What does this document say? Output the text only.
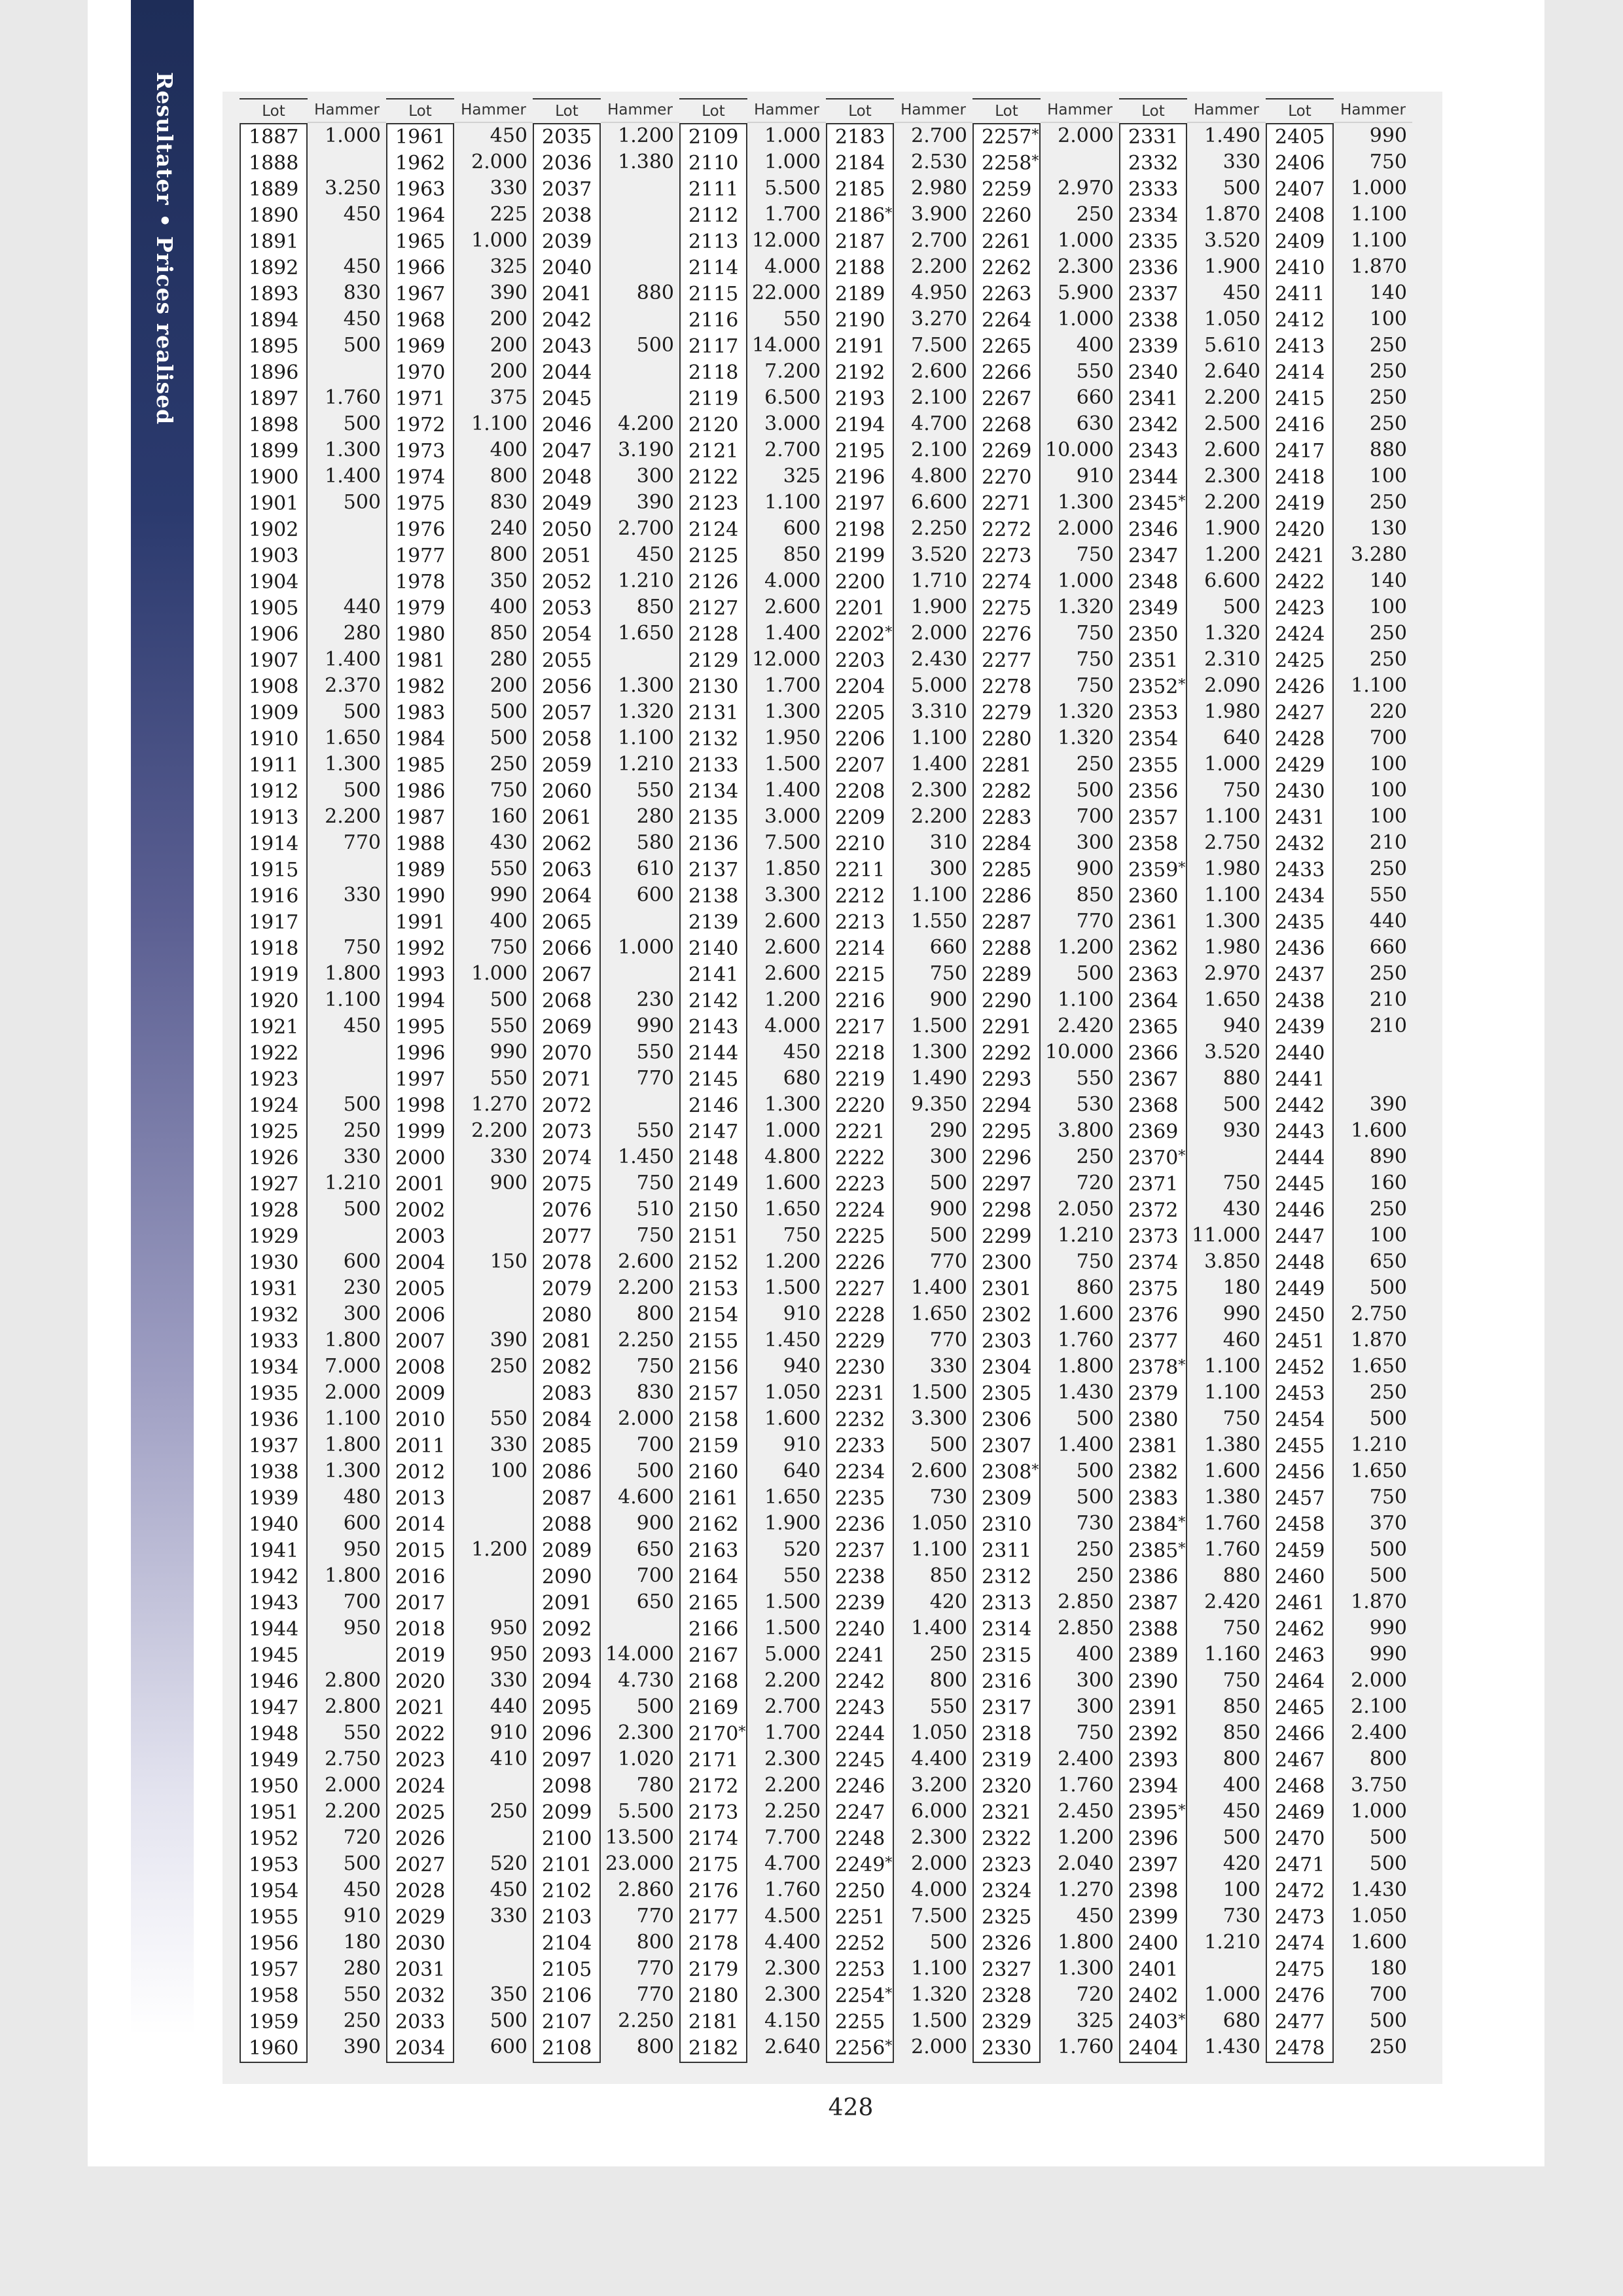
Resultater • Prices realised	Lot
1887
1888
1889
1890
1891
1892
1893
1894
1895
1896
1897
1898
1899
1900
1901
1902
1903
1904
1905
1906
1907
1908
1909
1910
1911
1912
1913
1914
1915
1916
1917
1918
1919
1920
1921
1922
1923
1924
1925
1926
1927
1928
1929
1930
1931
1932
1933
1934
1935
1936
1937
1938
1939
1940
1941
1942
1943
1944
1945
1946
1947
1948
1949
1950
1951
1952
1953
1954
1955
1956
1957
1958
1959
1960
Hammer
1.000
3.250
450
450
830
450
500
1.760
500
1.300
1.400
500
440
280
1.400
2.370
500
1.650
1.300
500
2.200
770
330
750
1.800
1.100
450
500
250
330
1.210
500
600
230
300
1.800
7.000
2.000
1.100
1.800
1.300
480
600
950
1.800
700
950
2.800
2.800
550
2.750
2.000
2.200
720
500
450
910
180
280
550
250
390
Lot
1961
1962
1963
1964
1965
1966
1967
1968
1969
1970
1971
1972
1973
1974
1975
1976
1977
1978
1979
1980
1981
1982
1983
1984
1985
1986
1987
1988
1989
1990
1991
1992
1993
1994
1995
1996
1997
1998
1999
2000
2001
2002
2003
2004
2005
2006
2007
2008
2009
2010
2011
2012
2013
2014
2015
2016
2017
2018
2019
2020
2021
2022
2023
2024
2025
2026
2027
2028
2029
2030
2031
2032
2033
2034
Hammer
450
2.000
330
225
1.000
325
390
200
200
200
375
1.100
400
800
830
240
800
350
400
850
280
200
500
500
250
750
160
430
550
990
400
750
1.000
500
550
990
550
1.270
2.200
330
900
150
390
250
550
330
100
1.200
950
950
330
440
910
410
250
520
450
330
350
500
600
Lot
2035
2036
2037
2038
2039
2040
2041
2042
2043
2044
2045
2046
2047
2048
2049
2050
2051
2052
2053
2054
2055
2056
2057
2058
2059
2060
2061
2062
2063
2064
2065
2066
2067
2068
2069
2070
2071
2072
2073
2074
2075
2076
2077
2078
2079
2080
2081
2082
2083
2084
2085
2086
2087
2088
2089
2090
2091
2092
2093
2094
2095
2096
2097
2098
2099
2100
2101
2102
2103
2104
2105
2106
2107
2108
Hammer
1.200
1.380
880
500
4.200
3.190
300
390
2.700
450
1.210
850
1.650
1.300
1.320
1.100
1.210
550
280
580
610
600
1.000
230
990
550
770
550
1.450
750
510
750
2.600
2.200
800
2.250
750
830
2.000
700
500
4.600
900
650
700
650
14.000
4.730
500
2.300
1.020
780
5.500
13.500
23.000
2.860
770
800
770
770
2.250
800
Lot
2109
2110
2111
2112
2113
2114
2115
2116
2117
2118
2119
2120
2121
2122
2123
2124
2125
2126
2127
2128
2129
2130
2131
2132
2133
2134
2135
2136
2137
2138
2139
2140
2141
2142
2143
2144
2145
2146
2147
2148
2149
2150
2151
2152
2153
2154
2155
2156
2157
2158
2159
2160
2161
2162
2163
2164
2165
2166
2167
2168
2169
2170*
2171
2172
2173
2174
2175
2176
2177
2178
2179
2180
2181
2182
Hammer
1.000
1.000
5.500
1.700
12.000
4.000
22.000
550
14.000
7.200
6.500
3.000
2.700
325
1.100
600
850
4.000
2.600
1.400
12.000
1.700
1.300
1.950
1.500
1.400
3.000
7.500
1.850
3.300
2.600
2.600
2.600
1.200
4.000
450
680
1.300
1.000
4.800
1.600
1.650
750
1.200
1.500
910
1.450
940
1.050
1.600
910
640
1.650
1.900
520
550
1.500
1.500
5.000
2.200
2.700
1.700
2.300
2.200
2.250
7.700
4.700
1.760
4.500
4.400
2.300
2.300
4.150
2.640
Lot
2183
2184
2185
2186*
2187
2188
2189
2190
2191
2192
2193
2194
2195
2196
2197
2198
2199
2200
2201
2202*
2203
2204
2205
2206
2207
2208
2209
2210
2211
2212
2213
2214
2215
2216
2217
2218
2219
2220
2221
2222
2223
2224
2225
2226
2227
2228
2229
2230
2231
2232
2233
2234
2235
2236
2237
2238
2239
2240
2241
2242
2243
2244
2245
2246
2247
2248
2249*
2250
2251
2252
2253
2254*
2255
2256*
Hammer
2.700
2.530
2.980
3.900
2.700
2.200
4.950
3.270
7.500
2.600
2.100
4.700
2.100
4.800
6.600
2.250
3.520
1.710
1.900
2.000
2.430
5.000
3.310
1.100
1.400
2.300
2.200
310
300
1.100
1.550
660
750
900
1.500
1.300
1.490
9.350
290
300
500
900
500
770
1.400
1.650
770
330
1.500
3.300
500
2.600
730
1.050
1.100
850
420
1.400
250
800
550
1.050
4.400
3.200
6.000
2.300
2.000
4.000
7.500
500
1.100
1.320
1.500
2.000
Lot
2257*
2258*
2259
2260
2261
2262
2263
2264
2265
2266
2267
2268
2269
2270
2271
2272
2273
2274
2275
2276
2277
2278
2279
2280
2281
2282
2283
2284
2285
2286
2287
2288
2289
2290
2291
2292
2293
2294
2295
2296
2297
2298
2299
2300
2301
2302
2303
2304
2305
2306
2307
2308*
2309
2310
2311
2312
2313
2314
2315
2316
2317
2318
2319
2320
2321
2322
2323
2324
2325
2326
2327
2328
2329
2330
Hammer
2.000
2.970
250
1.000
2.300
5.900
1.000
400
550
660
630
10.000
910
1.300
2.000
750
1.000
1.320
750
750
750
1.320
1.320
250
500
700
300
900
850
770
1.200
500
1.100
2.420
10.000
550
530
3.800
250
720
2.050
1.210
750
860
1.600
1.760
1.800
1.430
500
1.400
500
500
730
250
250
2.850
2.850
400
300
300
750
2.400
1.760
2.450
1.200
2.040
1.270
450
1.800
1.300
720
325
1.760
Lot
2331
2332
2333
2334
2335
2336
2337
2338
2339
2340
2341
2342
2343
2344
2345*
2346
2347
2348
2349
2350
2351
2352*
2353
2354
2355
2356
2357
2358
2359*
2360
2361
2362
2363
2364
2365
2366
2367
2368
2369
2370*
2371
2372
2373
2374
2375
2376
2377
2378*
2379
2380
2381
2382
2383
2384*
2385*
2386
2387
2388
2389
2390
2391
2392
2393
2394
2395*
2396
2397
2398
2399
2400
2401
2402
2403*
2404
Hammer
1.490
330
500
1.870
3.520
1.900
450
1.050
5.610
2.640
2.200
2.500
2.600
2.300
2.200
1.900
1.200
6.600
500
1.320
2.310
2.090
1.980
640
1.000
750
1.100
2.750
1.980
1.100
1.300
1.980
2.970
1.650
940
3.520
880
500
930
750
430
11.000
3.850
180
990
460
1.100
1.100
750
1.380
1.600
1.380
1.760
1.760
880
2.420
750
1.160
750
850
850
800
400
450
500
420
100
730
1.210
1.000
680
1.430
Lot
2405
2406
2407
2408
2409
2410
2411
2412
2413
2414
2415
2416
2417
2418
2419
2420
2421
2422
2423
2424
2425
2426
2427
2428
2429
2430
2431
2432
2433
2434
2435
2436
2437
2438
2439
2440
2441
2442
2443
2444
2445
2446
2447
2448
2449
2450
2451
2452
2453
2454
2455
2456
2457
2458
2459
2460
2461
2462
2463
2464
2465
2466
2467
2468
2469
2470
2471
2472
2473
2474
2475
2476
2477
2478
Hammer
990
750
1.000
1.100
1.100
1.870
140
100
250
250
250
250
880
100
250
130
3.280
140
100
250
250
1.100
220
700
100
100
100
210
250
550
440
660
250
210
210
390
1.600
890
160
250
100
650
500
2.750
1.870
1.650
250
500
1.210
1.650
750
370
500
500
1.870
990
990
2.000
2.100
2.400
800
3.750
1.000
500
500
1.430
1.050
1.600
180
700
500
250
428
